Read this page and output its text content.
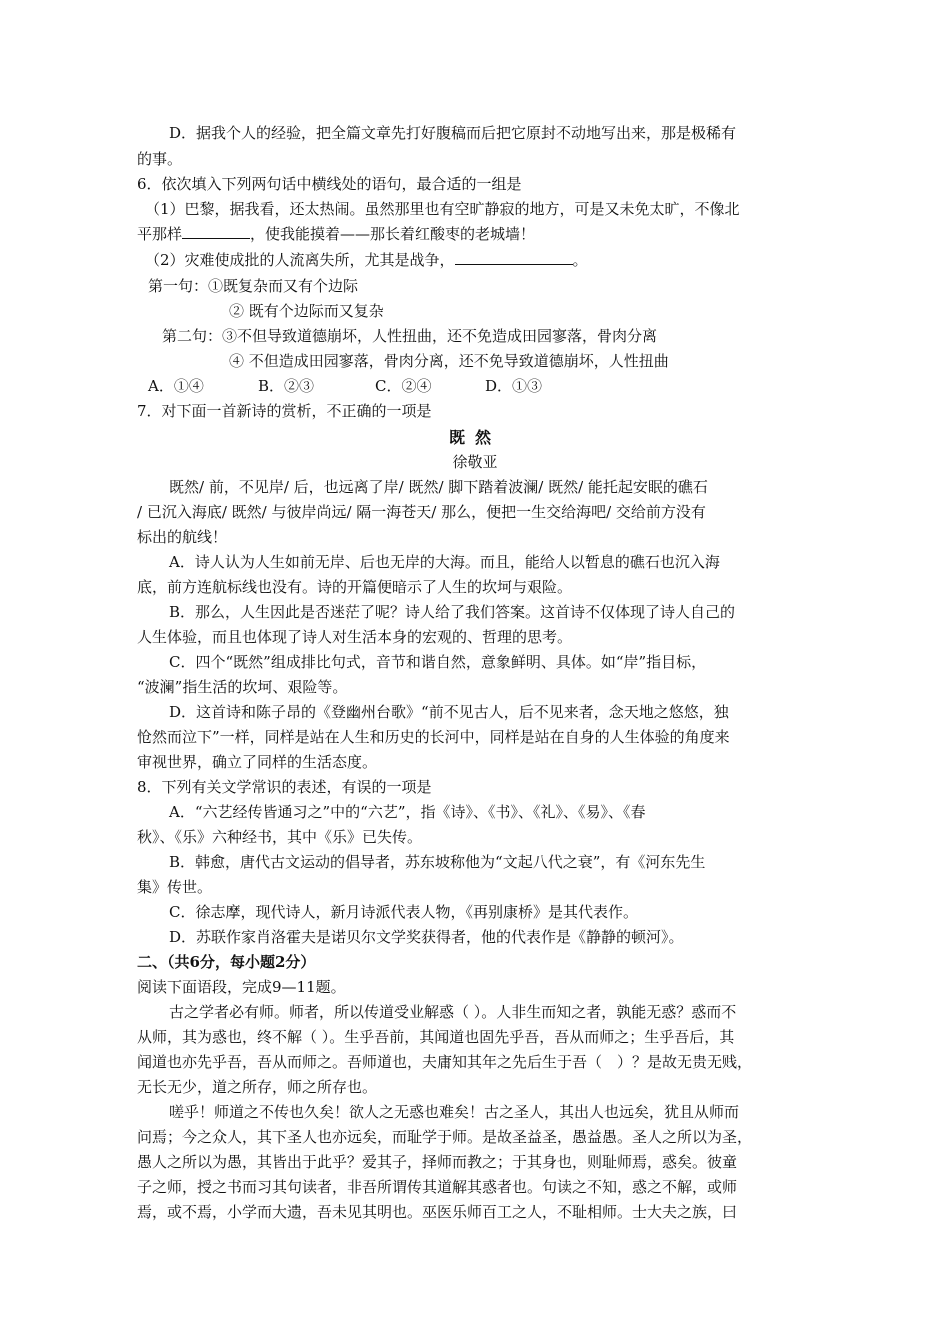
D．据我个人的经验，把全篇文章先打好腹稿而后把它原封不动地写出来，那是极稀有
的事。
6．依次填入下列两句话中横线处的语句，最合适的一组是
（1）巴黎，据我看，还太热闹。虽然那里也有空旷静寂的地方，可是又未免太旷，不像北
平那样	，使我能摸着——那长着红酸枣的老城墙！
（2）灾难使成批的人流离失所，尤其是战争，	。
第一句：①既复杂而又有个边际
② 既有个边际而又复杂
第二句：③不但导致道德崩坏，人性扭曲，还不免造成田园寥落，骨肉分离
④ 不但造成田园寥落，骨肉分离，还不免导致道德崩坏，人性扭曲
A．①④	B．②③	C．②④	D．①③
7．对下面一首新诗的赏析，不正确的一项是
既然
徐敬亚
既然/ 前，不见岸/ 后，也远离了岸/ 既然/ 脚下踏着波澜/ 既然/ 能托起安眠的礁石
/ 已沉入海底/ 既然/ 与彼岸尚远/ 隔一海苍天/ 那么，便把一生交给海吧/ 交给前方没有
标出的航线！
A．诗人认为人生如前无岸、后也无岸的大海。而且，能给人以暂息的礁石也沉入海
底，前方连航标线也没有。诗的开篇便暗示了人生的坎坷与艰险。
B．那么，人生因此是否迷茫了呢？诗人给了我们答案。这首诗不仅体现了诗人自己的
人生体验，而且也体现了诗人对生活本身的宏观的、哲理的思考。
C．四个“既然”组成排比句式，音节和谐自然，意象鲜明、具体。如“岸”指目标，
“波澜”指生活的坎坷、艰险等。
D．这首诗和陈子昂的《登幽州台歌》“前不见古人，后不见来者，念天地之悠悠，独
怆然而泣下”一样，同样是站在人生和历史的长河中，同样是站在自身的人生体验的角度来
审视世界，确立了同样的生活态度。
8．下列有关文学常识的表述，有误的一项是
A．“六艺经传皆通习之”中的“六艺”，指《诗》、《书》、《礼》、《易》、《春
秋》、《乐》六种经书，其中《乐》已失传。
B．韩愈，唐代古文运动的倡导者，苏东坡称他为“文起八代之衰”，有《河东先生
集》传世。
C．徐志摩，现代诗人，新月诗派代表人物，《再别康桥》是其代表作。
D．苏联作家肖洛霍夫是诺贝尔文学奖获得者，他的代表作是《静静的顿河》。
二、（共6分，每小题2分）
阅读下面语段，完成9—11题。
古之学者必有师。师者，所以传道受业解惑（ ）。人非生而知之者，孰能无惑？惑而不
从师，其为惑也，终不解（ ）。生乎吾前，其闻道也固先乎吾，吾从而师之；生乎吾后，其
闻道也亦先乎吾，吾从而师之。吾师道也，夫庸知其年之先后生于吾（　）？是故无贵无贱，
无长无少，道之所存，师之所存也。
嗟乎！师道之不传也久矣！欲人之无惑也难矣！古之圣人，其出人也远矣，犹且从师而
问焉；今之众人，其下圣人也亦远矣，而耻学于师。是故圣益圣，愚益愚。圣人之所以为圣，
愚人之所以为愚，其皆出于此乎？爱其子，择师而教之；于其身也，则耻师焉，惑矣。彼童
子之师，授之书而习其句读者，非吾所谓传其道解其惑者也。句读之不知，惑之不解，或师
焉，或不焉，小学而大遗，吾未见其明也。巫医乐师百工之人，不耻相师。士大夫之族，曰
